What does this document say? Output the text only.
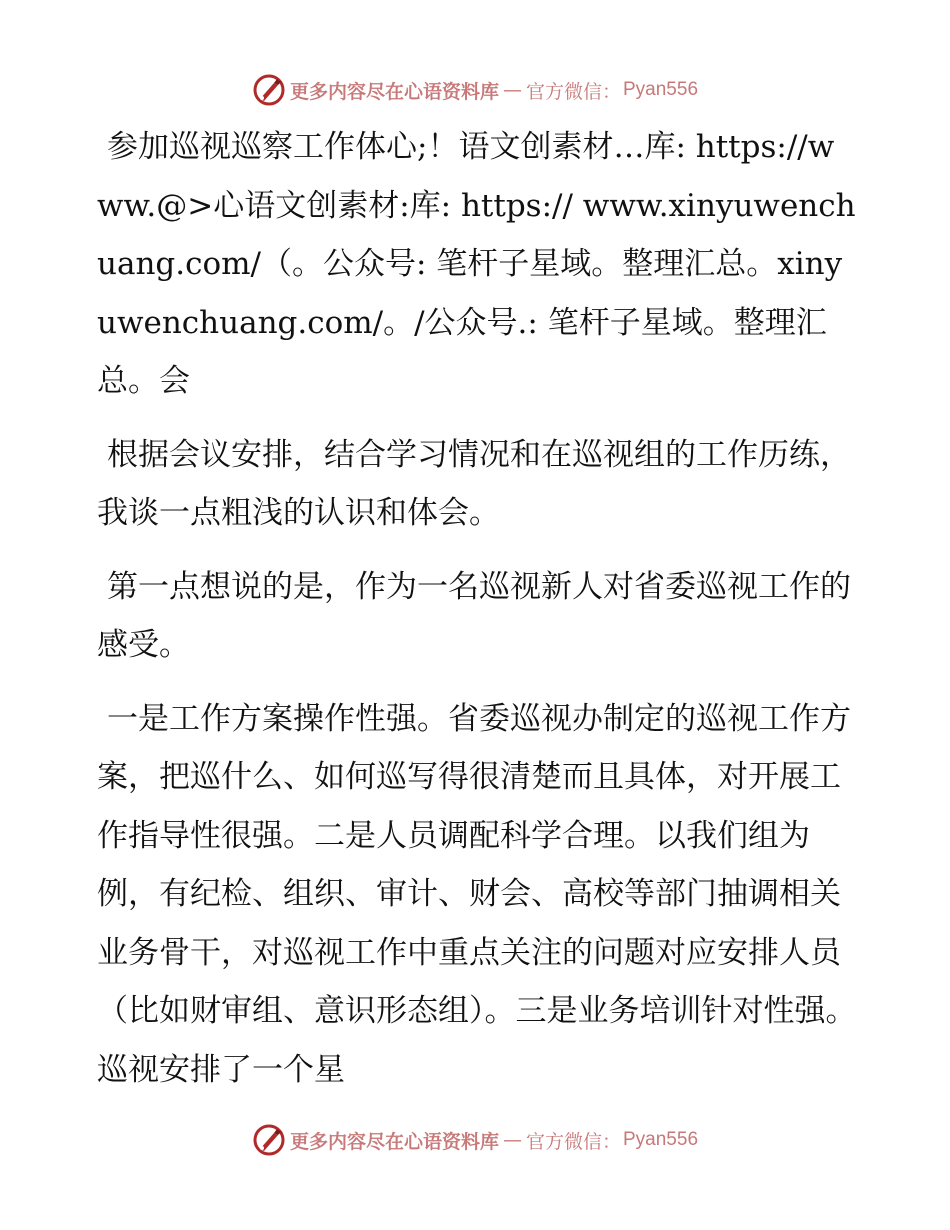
更多内容尽在心语资料库 — 官方微信： Pyan556

参加巡视巡察工作体心;！语文创素材…库: https://www.@>心语文创素材:库: https:// www.xinyuwenchuang.com/（。公众号: 笔杆子星域。整理汇总。xinyuwenchuang.com/。/公众号.: 笔杆子星域。整理汇总。会

根据会议安排，结合学习情况和在巡视组的工作历练，我谈一点粗浅的认识和体会。

第一点想说的是，作为一名巡视新人对省委巡视工作的感受。

一是工作方案操作性强。省委巡视办制定的巡视工作方案，把巡什么、如何巡写得很清楚而且具体，对开展工作指导性很强。二是人员调配科学合理。以我们组为例，有纪检、组织、审计、财会、高校等部门抽调相关业务骨干，对巡视工作中重点关注的问题对应安排人员（比如财审组、意识形态组）。三是业务培训针对性强。巡视安排了一个星

更多内容尽在心语资料库 — 官方微信： Pyan556
